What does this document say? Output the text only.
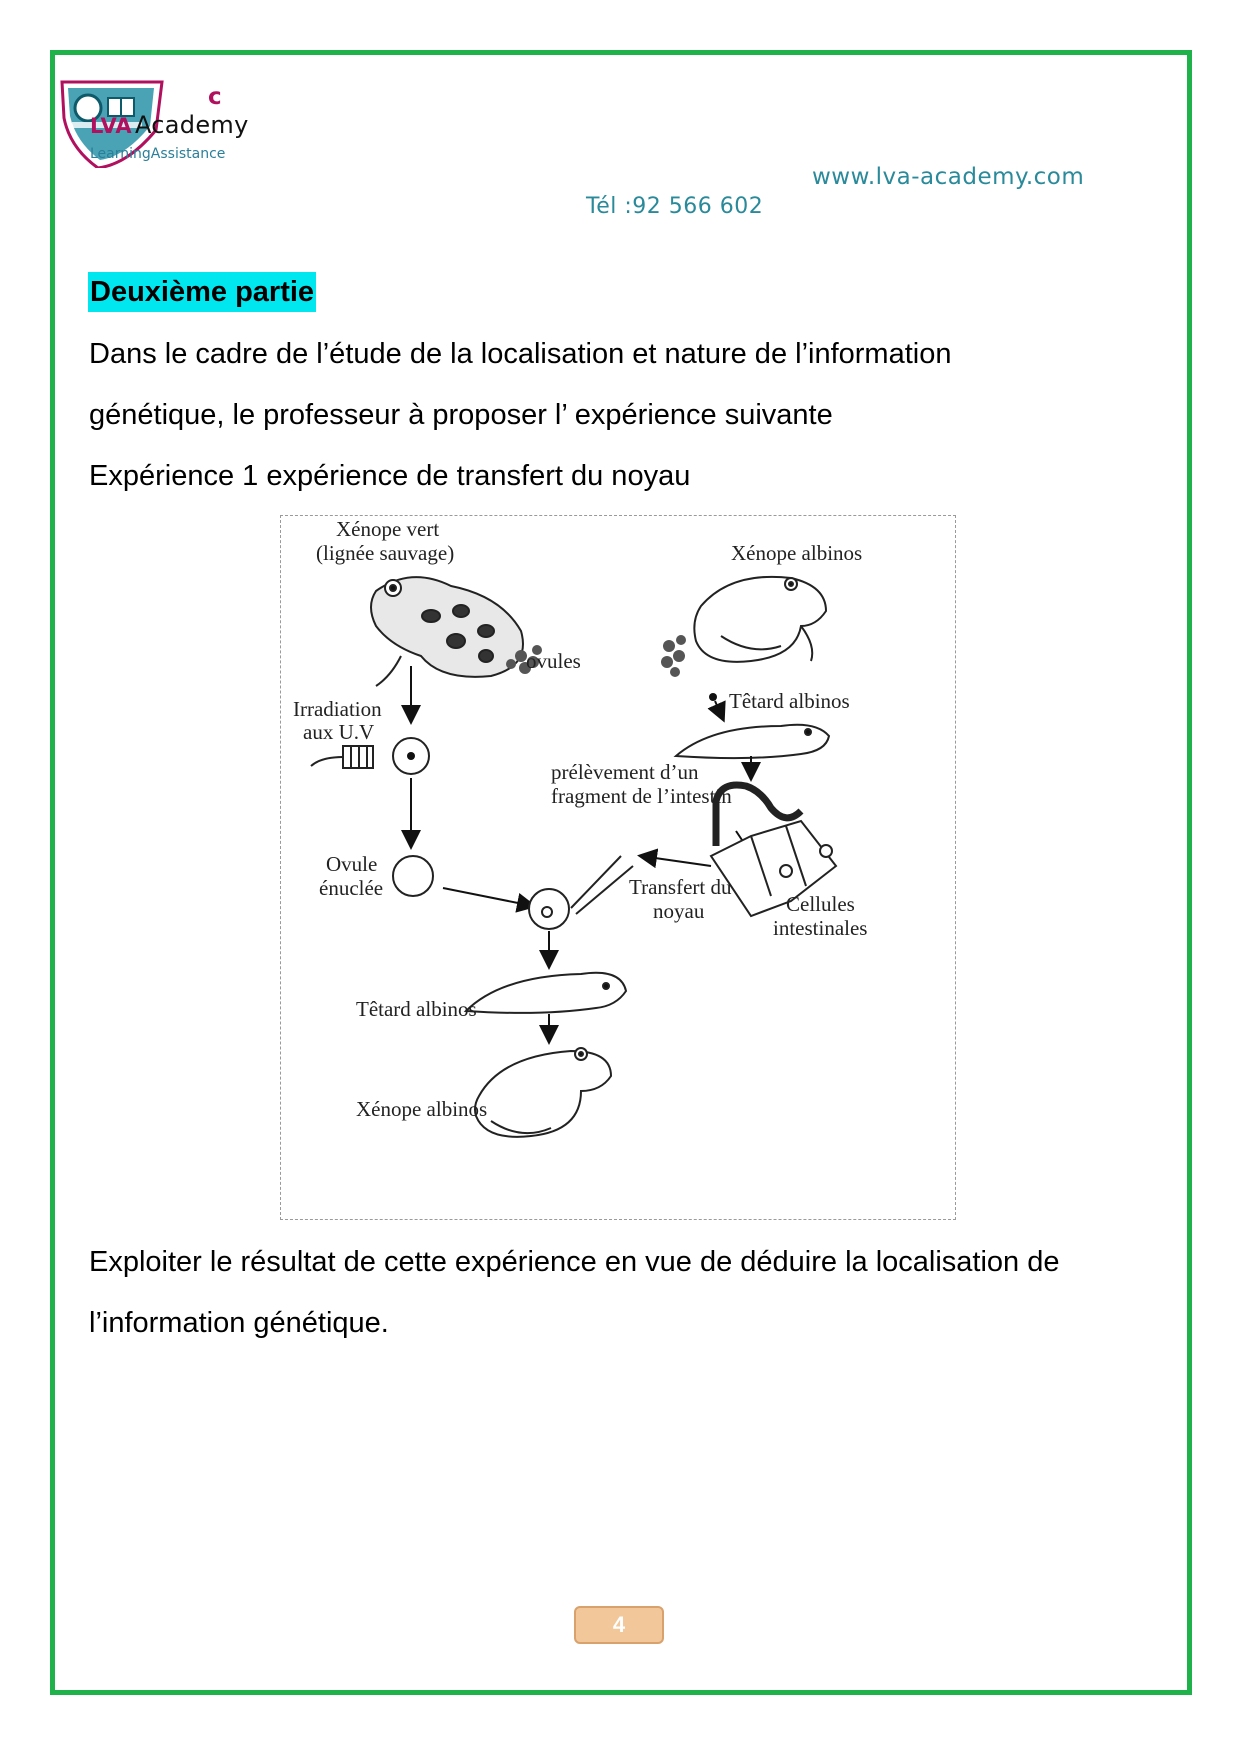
c
LVA Academy
LearningAssistance
www.lva-academy.com
Tél :92 566 602
Deuxième partie
Dans le cadre de l’étude de la localisation et nature de l’information
génétique, le professeur à proposer l’ expérience suivante
Expérience 1 expérience de transfert du noyau
Xénope vert
(lignée sauvage)	Xénope albinos
ovules
Irradiation
aux U.V
Têtard albinos
prélèvement d’un
fragment de l’intestin
Ovule
énuclée	Transfert du
noyau	Cellules
intestinales
Têtard albinos
Xénope albinos
Exploiter le résultat de cette expérience en vue de déduire la localisation de
l’information génétique.
4
